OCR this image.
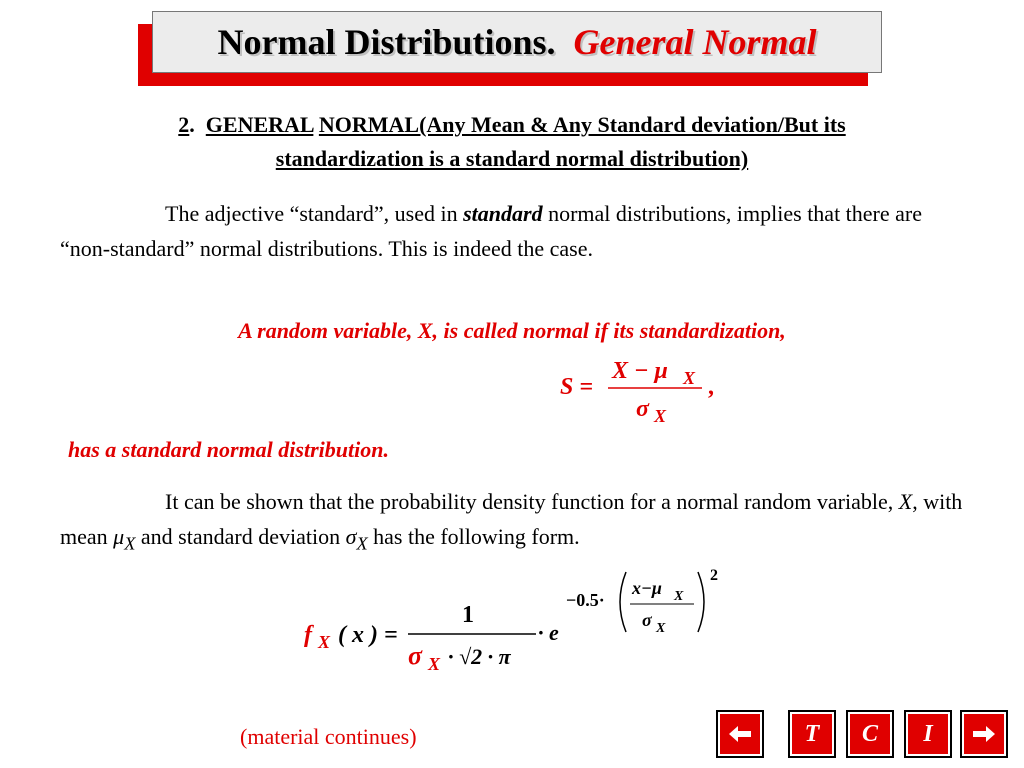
Normal Distributions. General Normal
2. GENERAL NORMAL(Any Mean & Any Standard deviation/But its
standardization is a standard normal distribution)
The adjective “standard”, used in standard normal distributions, implies that there are “non-standard” normal distributions. This is indeed the case.
A random variable, X, is called normal if its standardization,
S =
X − μ X
σ X
,
has a standard normal distribution.
It can be shown that the probability density function for a normal random variable, X, with mean $\mu_X$ and standard deviation $\sigma_X$ has the following form.
f X ( x ) =
1
σ X · √2 · π
· e
−0.5·
x−μ X
σ X
2
(material continues)	T C I
